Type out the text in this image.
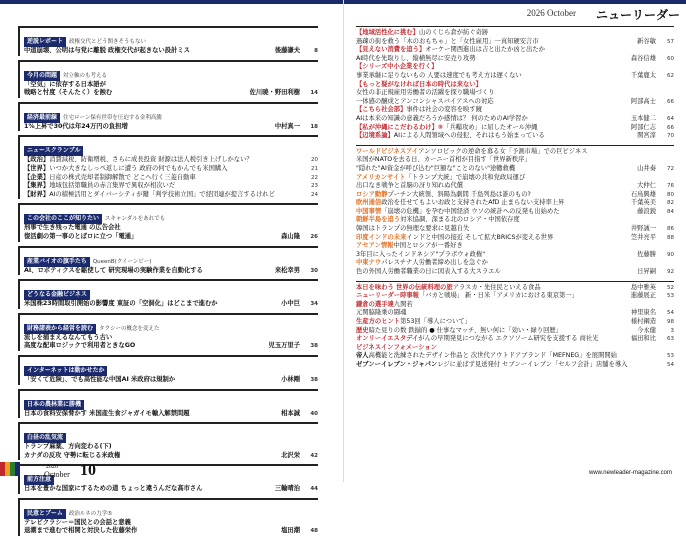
2026 October ニューリーダー
逆説レポート 政権交代とどう関きそうもない
中道崩壊、公明は与党に離脱 政権交代が起きない設計ミス	後藤謙夫	8
今月の問題 対立軸のも考える
「空気」に依存する日本語が
戦略と忖度（そんたく）を蝕む	佐川暁・野田利樹	14
経済最前線 住宅ローン保有世帯を圧迫する金利高騰
1%上昇で30代は年24万円の負担増	中村真一	18
ニュースクランブル
【政治】消費減税、防衛増税、さらに成長投資 財源は法人税引き上げしかない？	20
【世界】いつか大きなしっぺ返しに遭う 政府の何でもかんでも米国購入	21
【企業】日産の株式売却者制御解散で どこへ行く三菱自動車	22
【集界】地域包括第職員の赤言集界で異収が相次いだ	23
【財界】AIの積極活用とダイバーシティが鍵「判学技術立国」で経団連が提言するけれど	24
この会社のここが知りたい スキャンダルをあれでも
刑事で生き残った電通 の広告会社
復活劇の第一事のとばロに立つ「電通」	森山隆	26
産業バイオの旗手たち QueenB(クイーンビー)
AI、ロボティクスを駆使して 研究現場の実験作業を自動化する	来松幸男	30
どうなる金融ビジネス
米国株23時間取引開始の影響度 東証の「空洞化」はどこまで進むか	小中巨	34
財務諸表から経営を読む タクシーの概念を変えた
流しを捕まえるなんてもう古い
高度な配車ロジックで利用者ときなGO	児玉万里子	38
インターネットは動かせたか
「安くて危険」、でも高性能な中国AI 米政府は規制か	小林剛	38
日本の農林業に勝機
日本の食料安保脅かす 米国産生食ジャガイモ輸入解禁問題	相本誠	40
白昼の乱気流
トランプ麻薬、方向変わる(下)
カナダの反攻 守勢に転じる米政権	北沢栄	42
前方注意
日本を豊かな国家にするための道 ちょっと違うんだな高市さん	三輪晴治	44
民意とブーム 政治ルネの力学⑤
テレビクラシー＝国民との会話と意義
退潮まで進むで相関と対決した佐藤栄作	塩田潮	48
【地域活性化に挑む】山のくじら倉が紡ぐ奇跡
過疎の街を救う「木のおもちゃ」と「女性雇用」一真知硬安言市	新谷敏	57
【見えない消費を追う】オーケー関西進出は吉と出たか凶と出たか
AI時代を先取りし、縦横無尽に安売り攻勢	森谷信雄	60
【シリーズ中小企業を行く】
事業承継に足りないもの 人要は速度でも考え方は遅くない	千葉鹿太	62
【もっと疑がなければ日本の時代は来ない】
女性の非正規雇用労働者の活躍を探り職場づくり
一体感の醸成とアンコンシャスバイアスへの対応	阿部高士	66
【こちら社会部】事件は社会の変容を映す鏡
AIは本来の知識の意義だろうか感情は？ 何のためのAI学習か	玉本健二	64
【私が沖縄にこだわるわけ】⑨「兵糧攻め」に屈したオール沖縄	阿部仁志	66
【辺境系論】AIによる人間領域への侵犯、それはもう始まっている	関宮淳	70
ワールドビジネスアイアンソロピックの逆命を募る女「予測市場」での巨ビジネス
米国がNATOを去る日、カーニー首相が目指す「世界新秩序」
"隠れた"AI資金が呼び込む"巨額な"ことのない"途轍救機	山井奏	72
アメリカンサイト「トランプ大統」で崩壊の共和党政局運び
出口なき戦争と首脳の冴り知れぬ代償	大仲仁	76
ロシア動静プーチン大統領、斜陽為劇間 千島列島は誰のもの?	石鳥興雄	80
欧州通信政治を任せてもよいお政と支持されたAfD 止まらない支持率上昇	千葉英美	82
中国事情「崩壊の危機」を孕む中国経済 ウソの統計への反発も出始めた	藤浪鋭	84
朝鮮半島を追う対米協調、深まる北のロシア・中国依存度
韓国はトランプの無理な要求に見越自失	井野誠一	86
印度インドの未来インドと中国の接近 そして拡大BRICSが変える世界	笠井亮平	88
アセアン情報中国とロシアが一番好き
3年目に入ったインドネシア"プラボウォ政権"	佐藤勝	90
中東ナウパレスチナ人労働者締め出しを急ぐか
色の外国人労働者職業の日に図表入する大スラエル	日昇嗣	92
本日を味わう 世界の伝統料理の旅アラスカ・先住民といえる食品	島中雅英	52
ニューリーダー時事報「バカと戦場」 新・日米「アメリカにおける東京第一」	進藤展正	53
鎌倉の選手達九関若
元関脇隆乗の闘魂	神里康名	54
生産方のヒント第53回「導人について」	様村鋼造	98
歴史暗た見りの数 鉄揃的 ● 仕事なマッチ、無い何に「効い・緑り回歴」	今永健	3
オンリーイエスタデイがんの早期発見につながる エクソソーム研究を支援する 商社光	福田和比	63
ビジネスインフォメーション
帝人高機能と洗練されたデザイン作品と 次世代アウトドアブランド「MEFNEG」を展開開始	53
ゼブンーイレブン・ジャパンレジに並ばず見送発付 セブンーイレブン「セルフ会計」店舗を導入	54
2026
October 10	www.newleader-magazine.com
